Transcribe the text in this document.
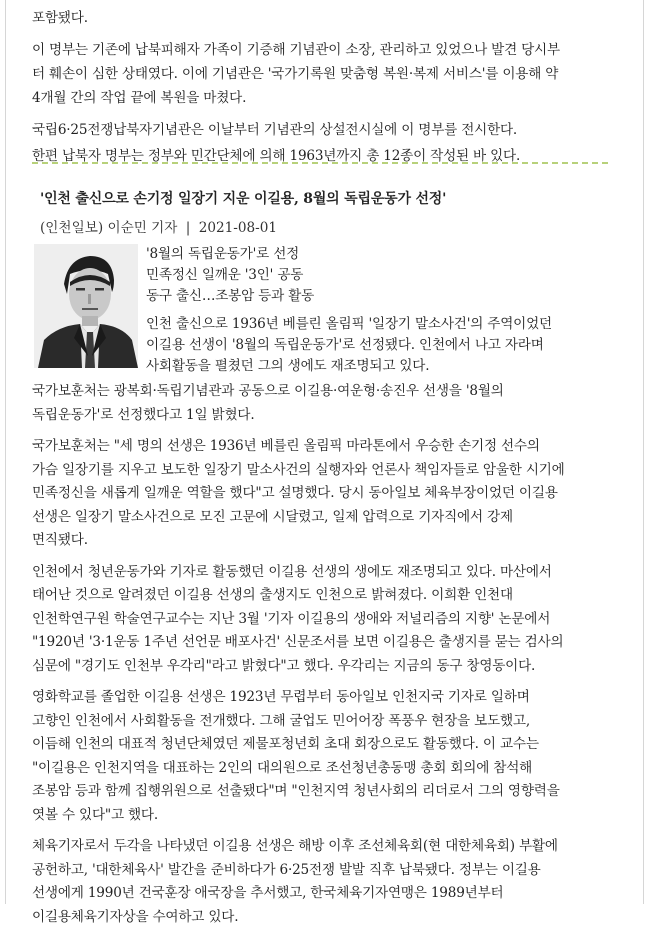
포함됐다.

이 명부는 기존에 납북피해자 가족이 기증해 기념관이 소장, 관리하고 있었으나 발견 당시부

터 훼손이 심한 상태였다. 이에 기념관은 '국가기록원 맞춤형 복원·복제 서비스'를 이용해 약

4개월 간의 작업 끝에 복원을 마쳤다.

국립6·25전쟁납북자기념관은 이날부터 기념관의 상설전시실에 이 명부를 전시한다.

한편 납북자 명부는 정부와 민간단체에 의해 1963년까지 총 12종이 작성된 바 있다.

'인천 출신으로 손기정 일장기 지운 이길용, 8월의 독립운동가 선정'
(인천일보) 이순민 기자 | 2021-08-01

'8월의 독립운동가'로 선정

민족정신 일깨운 '3인' 공동

동구 출신…조봉암 등과 활동

인천 출신으로 1936년 베를린 올림픽 '일장기 말소사건'의 주역이었던

이길용 선생이 '8월의 독립운동가'로 선정됐다. 인천에서 나고 자라며

사회활동을 펼쳤던 그의 생에도 재조명되고 있다.

국가보훈처는 광복회·독립기념관과 공동으로 이길용·여운형·송진우 선생을 '8월의

독립운동가'로 선정했다고 1일 밝혔다.

국가보훈처는 "세 명의 선생은 1936년 베를린 올림픽 마라톤에서 우승한 손기정 선수의

가슴 일장기를 지우고 보도한 일장기 말소사건의 실행자와 언론사 책임자들로 암울한 시기에

민족정신을 새롭게 일깨운 역할을 했다"고 설명했다. 당시 동아일보 체육부장이었던 이길용

선생은 일장기 말소사건으로 모진 고문에 시달렸고, 일제 압력으로 기자직에서 강제

면직됐다.

인천에서 청년운동가와 기자로 활동했던 이길용 선생의 생에도 재조명되고 있다. 마산에서

태어난 것으로 알려졌던 이길용 선생의 출생지도 인천으로 밝혀졌다. 이희환 인천대

인천학연구원 학술연구교수는 지난 3월 '기자 이길용의 생애와 저널리즘의 지향' 논문에서

"1920년 '3·1운동 1주년 선언문 배포사건' 신문조서를 보면 이길용은 출생지를 묻는 검사의

심문에 "경기도 인천부 우각리"라고 밝혔다"고 했다. 우각리는 지금의 동구 창영동이다.

영화학교를 졸업한 이길용 선생은 1923년 무렵부터 동아일보 인천지국 기자로 일하며

고향인 인천에서 사회활동을 전개했다. 그해 굴업도 민어어장 폭풍우 현장을 보도했고,

이듬해 인천의 대표적 청년단체였던 제물포청년회 초대 회장으로도 활동했다. 이 교수는

"이길용은 인천지역을 대표하는 2인의 대의원으로 조선청년총동맹 총회 회의에 참석해

조봉암 등과 함께 집행위원으로 선출됐다"며 "인천지역 청년사회의 리더로서 그의 영향력을

엿볼 수 있다"고 했다.

체육기자로서 두각을 나타냈던 이길용 선생은 해방 이후 조선체육회(현 대한체육회) 부활에

공헌하고, '대한체육사' 발간을 준비하다가 6·25전쟁 발발 직후 납북됐다. 정부는 이길용

선생에게 1990년 건국훈장 애국장을 추서했고, 한국체육기자연맹은 1989년부터

이길용체육기자상을 수여하고 있다.
